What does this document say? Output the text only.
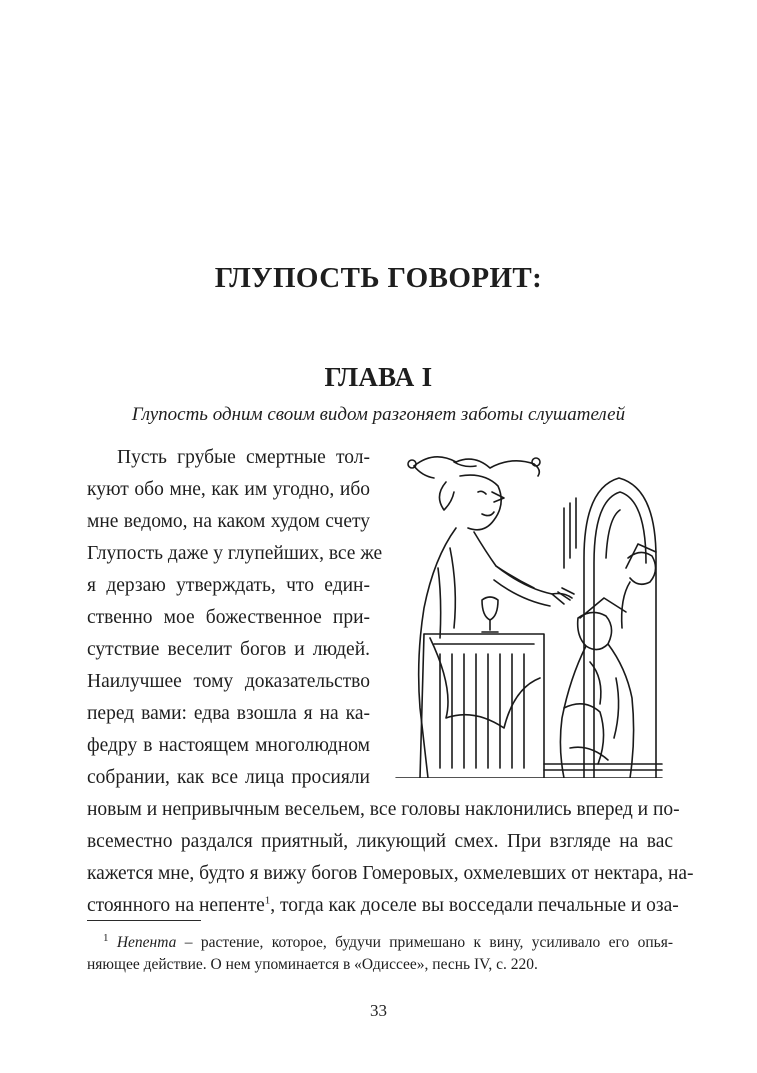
ГЛУПОСТЬ ГОВОРИТ:
ГЛАВА I
Глупость одним своим видом разгоняет заботы слушателей
Пусть грубые смертные тол-
куют обо мне, как им угодно, ибо
мне ведомо, на каком худом счету
Глупость даже у глупейших, все же
я дерзаю утверждать, что един-
ственно мое божественное при-
сутствие веселит богов и людей.
Наилучшее тому доказательство
перед вами: едва взошла я на ка-
федру в настоящем многолюдном
собрании, как все лица просияли
новым и непривычным весельем, все головы наклонились вперед и по-
всеместно раздался приятный, ликующий смех. При взгляде на вас
кажется мне, будто я вижу богов Гомеровых, охмелевших от нектара, на-
стоянного на непенте$^1$, тогда как доселе вы восседали печальные и оза-
$^1$ Непента – растение, которое, будучи примешано к вину, усиливало его опья-
няющее действие. О нем упоминается в «Одиссее», песнь IV, с. 220.
33
